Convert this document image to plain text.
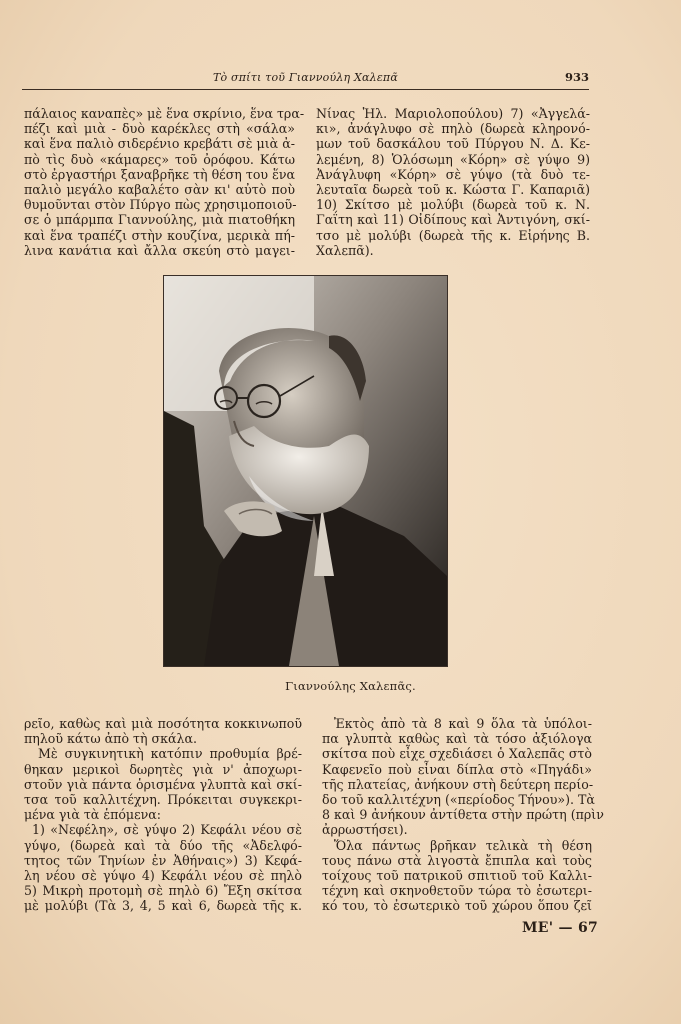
Τὸ σπίτι τοῦ Γιαννούλη Χαλεπᾶ	933
πάλαιος καναπὲς» μὲ ἕνα σκρίνιο, ἕνα τρα-
πέζι καὶ μιὰ - δυὸ καρέκλες στὴ «σάλα»
καὶ ἕνα παλιὸ σιδερένιο κρεβάτι σὲ μιὰ ἀ-
πὸ τὶς δυὸ «κάμαρες» τοῦ ὀρόφου. Κάτω
στὸ ἐργαστήρι ξαναβρῆκε τὴ θέση του ἕνα
παλιὸ μεγάλο καβαλέτο σὰν κι' αὐτὸ ποὺ
θυμοῦνται στὸν Πύργο πὼς χρησιμοποιοῦ-
σε ὁ μπάρμπα Γιαννούλης, μιὰ πιατοθήκη
καὶ ἕνα τραπέζι στὴν κουζίνα, μερικὰ πή-
λινα κανάτια καὶ ἄλλα σκεύη στὸ μαγει-
Νίνας Ἠλ. Μαριολοπούλου) 7) «Ἀγγελά-
κι», ἀνάγλυφο σὲ πηλὸ (δωρεὰ κληρονό-
μων τοῦ δασκάλου τοῦ Πύργου Ν. Δ. Κε-
λεμένη, 8) Ὁλόσωμη «Κόρη» σὲ γύψο 9)
Ἀνάγλυφη «Κόρη» σὲ γύψο (τὰ δυὸ τε-
λευταῖα δωρεὰ τοῦ κ. Κώστα Γ. Καπαριᾶ)
10) Σκίτσο μὲ μολύβι (δωρεὰ τοῦ κ. Ν.
Γαΐτη καὶ 11) Οἰδίπους καὶ Ἀντιγόνη, σκί-
τσο μὲ μολύβι (δωρεὰ τῆς κ. Εἰρήνης Β.
Χαλεπᾶ).
Γιαννούλης Χαλεπᾶς.
ρεῖο, καθὼς καὶ μιὰ ποσότητα κοκκινωποῦ
πηλοῦ κάτω ἀπὸ τὴ σκάλα.
Μὲ συγκινητικὴ κατόπιν προθυμία βρέ-
θηκαν μερικοὶ δωρητὲς γιὰ ν' ἀποχωρι-
στοῦν γιὰ πάντα ὁρισμένα γλυπτὰ καὶ σκί-
τσα τοῦ καλλιτέχνη. Πρόκειται συγκεκρι-
μένα γιὰ τὰ ἑπόμενα:
1) «Νεφέλη», σὲ γύψο 2) Κεφάλι νέου σὲ
γύψο, (δωρεὰ καὶ τὰ δύο τῆς «Ἀδελφό-
τητος τῶν Τηνίων ἐν Ἀθήναις») 3) Κεφά-
λη νέου σὲ γύψο 4) Κεφάλι νέου σὲ πηλὸ
5) Μικρὴ προτομὴ σὲ πηλὸ 6) Ἔξη σκίτσα
μὲ μολύβι (Τὰ 3, 4, 5 καὶ 6, δωρεὰ τῆς κ.
Ἐκτὸς ἀπὸ τὰ 8 καὶ 9 ὅλα τὰ ὑπόλοι-
πα γλυπτὰ καθὼς καὶ τὰ τόσο ἀξιόλογα
σκίτσα ποὺ εἶχε σχεδιάσει ὁ Χαλεπᾶς στὸ
Καφενεῖο ποὺ εἶναι δίπλα στὸ «Πηγάδι»
τῆς πλατείας, ἀνήκουν στὴ δεύτερη περίο-
δο τοῦ καλλιτέχνη («περίοδος Τήνου»). Τὰ
8 καὶ 9 ἀνήκουν ἀντίθετα στὴν πρώτη (πρὶν
ἀρρωστήσει).
Ὅλα πάντως βρῆκαν τελικὰ τὴ θέση
τους πάνω στὰ λιγοστὰ ἔπιπλα καὶ τοὺς
τοίχους τοῦ πατρικοῦ σπιτιοῦ τοῦ Καλλι-
τέχνη καὶ σκηνοθετοῦν τώρα τὸ ἐσωτερι-
κό του, τὸ ἐσωτερικὸ τοῦ χώρου ὅπου ζεῖ
ΜΕ' — 67
